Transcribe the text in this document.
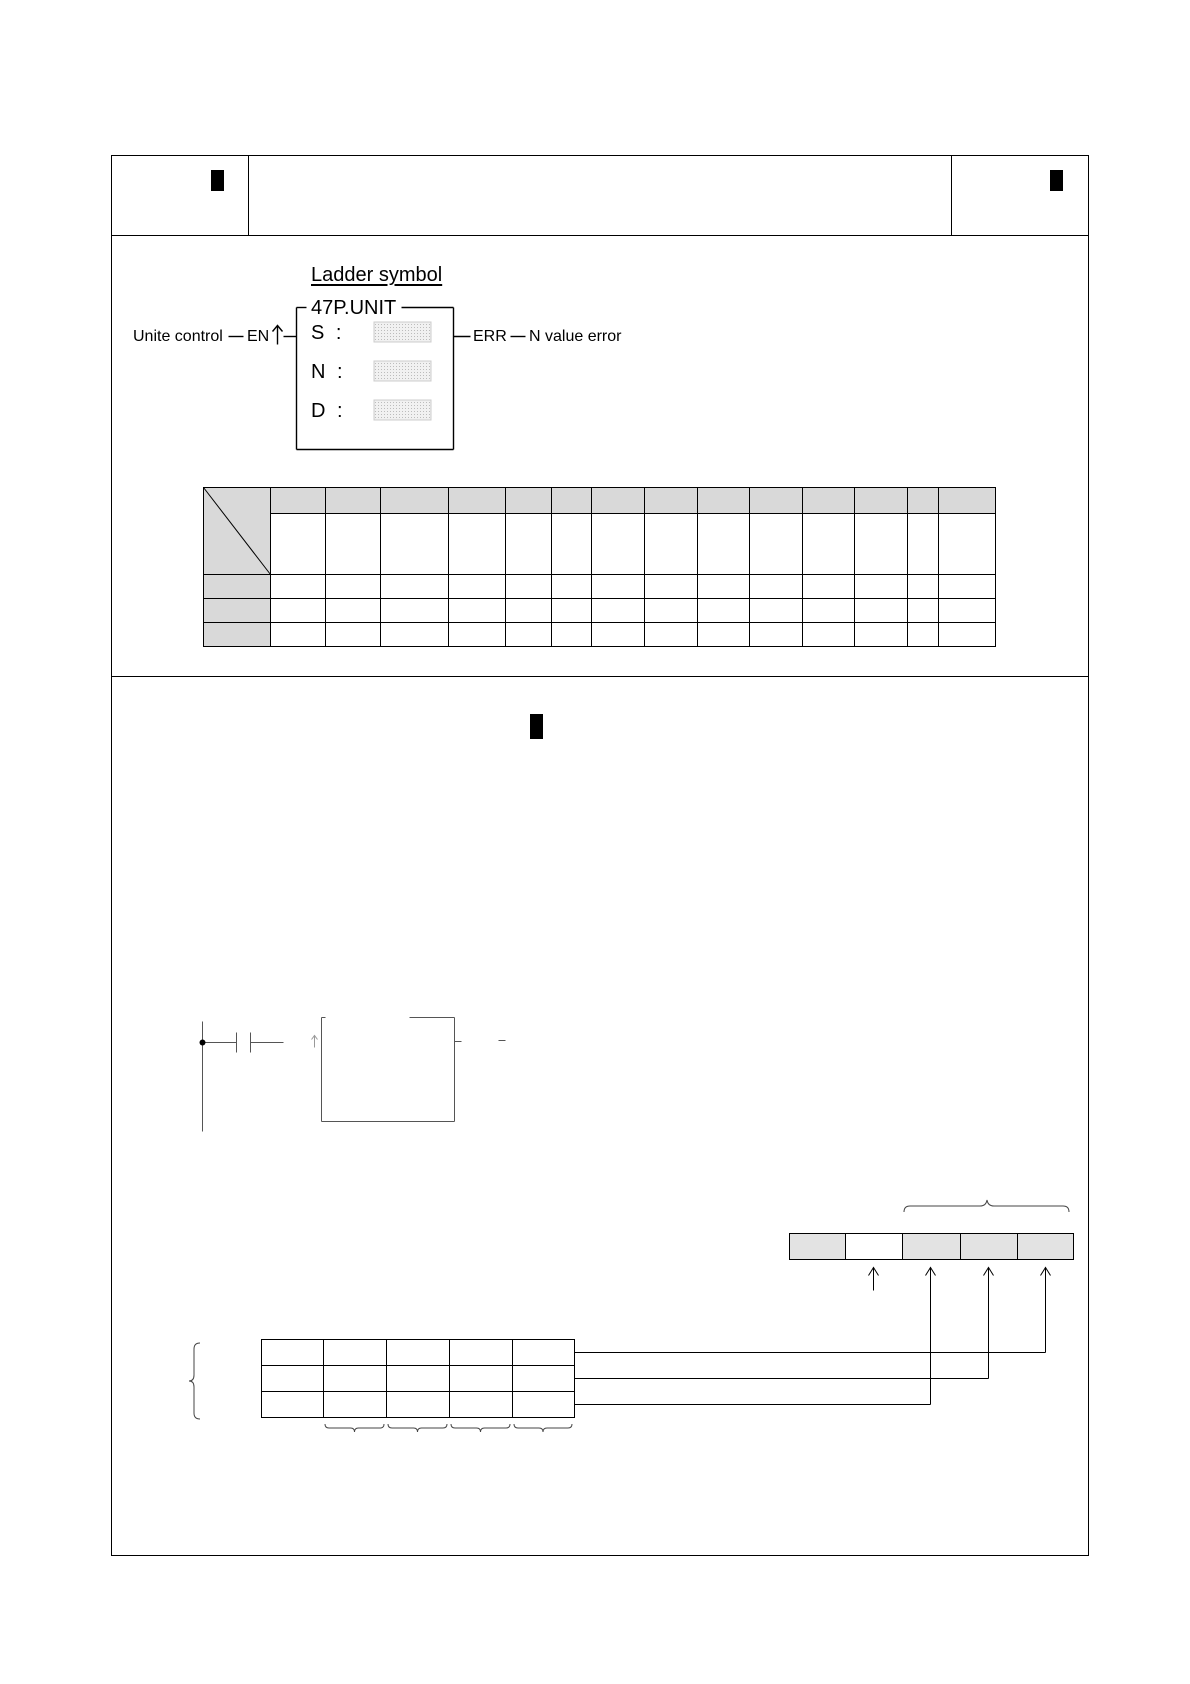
Ladder symbol
47P.UNIT
S :
N :
D :
Unite control EN	ERR N value error
